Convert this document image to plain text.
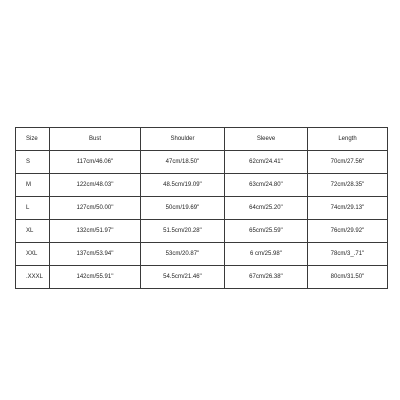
Size	Bust	Shoulder	Sleeve	Length
S	117cm/46.06''	47cm/18.50''	62cm/24.41''	70cm/27.56''
M	122cm/48.03''	48.5cm/19.09''	63cm/24.80''	72cm/28.35''
L	127cm/50.00''	50cm/19.69''	64cm/25.20''	74cm/29.13''
XL	132cm/51.97''	51.5cm/20.28''	65cm/25.59''	76cm/29.92''
XXL	137cm/53.94''	53cm/20.87''	6 cm/25.98''	78cm/3_.71''
.XXXL	142cm/55.91''	54.5cm/21.46''	67cm/26.38''	80cm/31.50''
